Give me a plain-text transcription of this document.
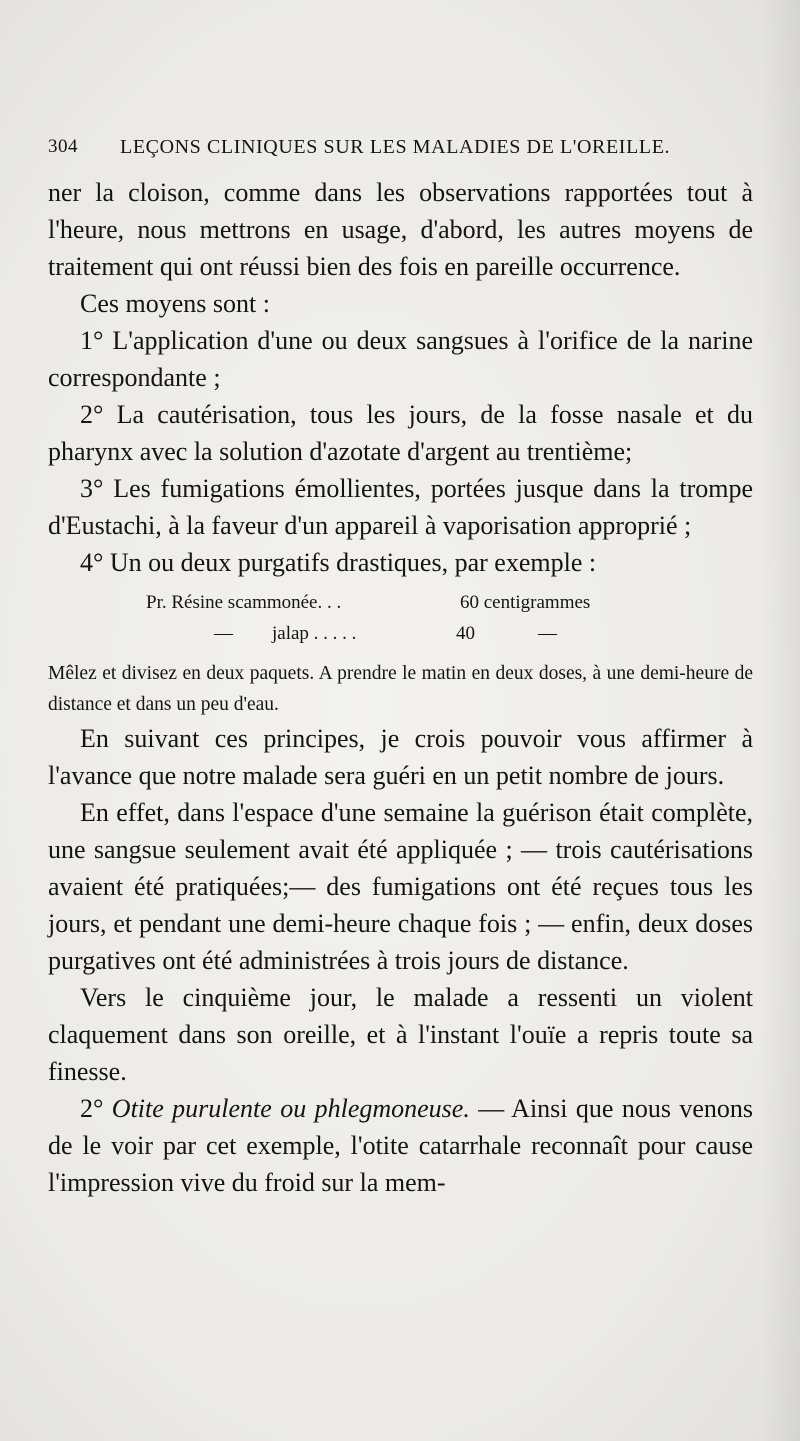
304 LEÇONS CLINIQUES SUR LES MALADIES DE L'OREILLE.

ner la cloison, comme dans les observations rapportées tout à l'heure, nous mettrons en usage, d'abord, les autres moyens de traitement qui ont réussi bien des fois en pareille occurrence.

Ces moyens sont :

1° L'application d'une ou deux sangsues à l'orifice de la narine correspondante ;

2° La cautérisation, tous les jours, de la fosse nasale et du pharynx avec la solution d'azotate d'argent au trentième;

3° Les fumigations émollientes, portées jusque dans la trompe d'Eustachi, à la faveur d'un appareil à vaporisation approprié ;

4° Un ou deux purgatifs drastiques, par exemple :

Pr. Résine scammonée. . .	60 centigrammes
— jalap . . . . .	40	—

Mêlez et divisez en deux paquets. A prendre le matin en deux doses, à une demi-heure de distance et dans un peu d'eau.

En suivant ces principes, je crois pouvoir vous affirmer à l'avance que notre malade sera guéri en un petit nombre de jours.

En effet, dans l'espace d'une semaine la guérison était complète, une sangsue seulement avait été appliquée ; — trois cautérisations avaient été pratiquées;— des fumigations ont été reçues tous les jours, et pendant une demi-heure chaque fois ; — enfin, deux doses purgatives ont été administrées à trois jours de distance.

Vers le cinquième jour, le malade a ressenti un violent claquement dans son oreille, et à l'instant l'ouïe a repris toute sa finesse.

2° Otite purulente ou phlegmoneuse. — Ainsi que nous venons de le voir par cet exemple, l'otite catarrhale reconnaît pour cause l'impression vive du froid sur la mem-
